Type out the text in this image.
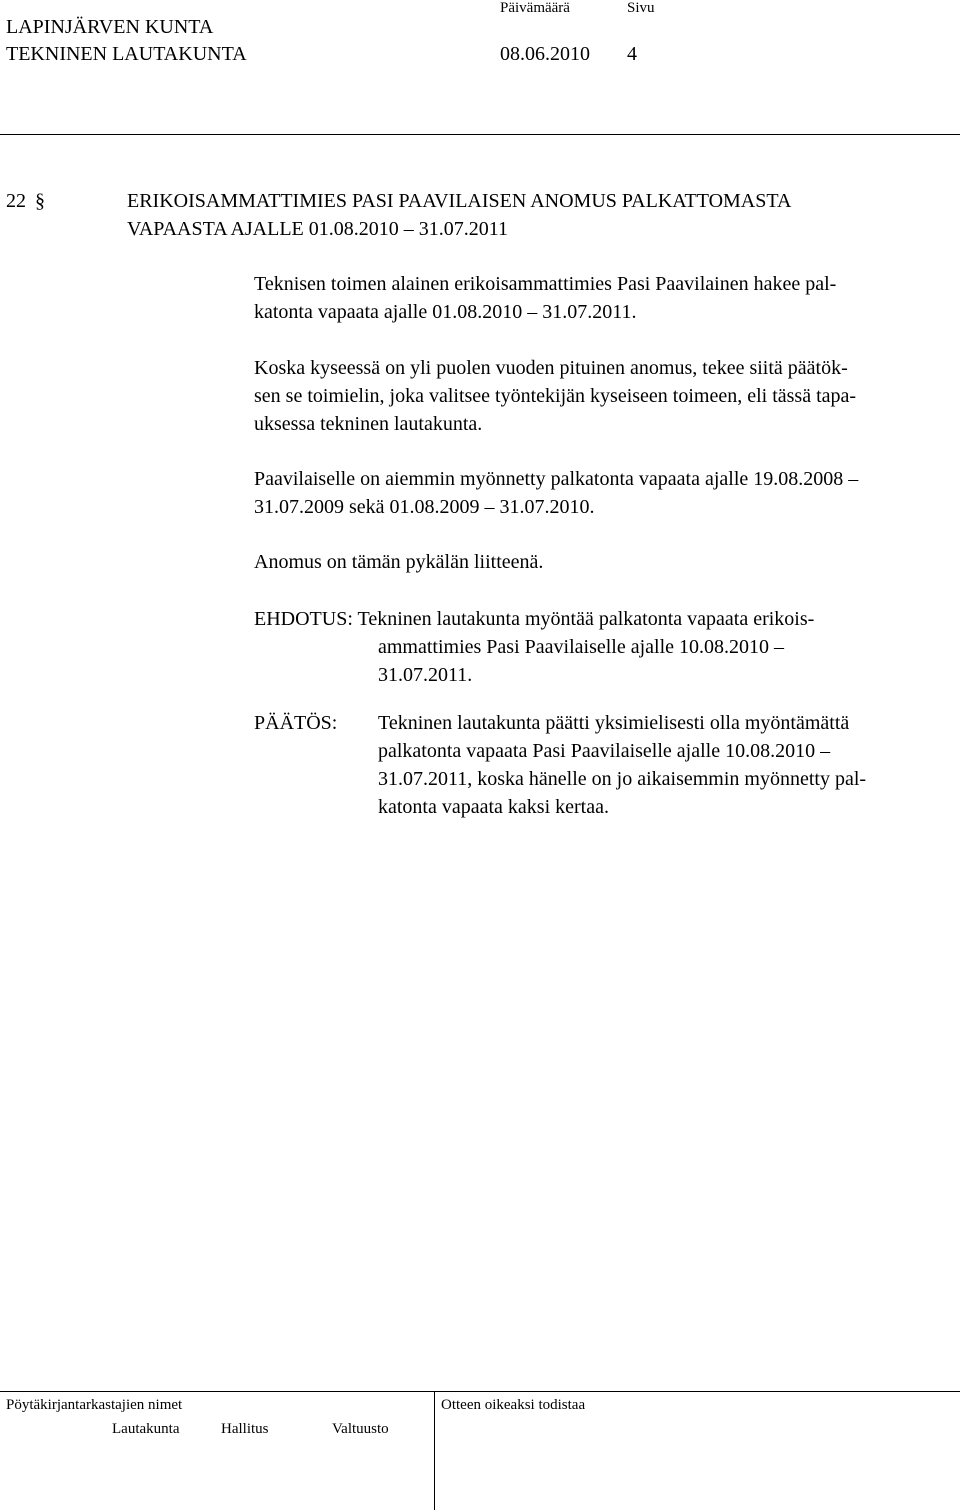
LAPINJÄRVEN KUNTA
TEKNINEN LAUTAKUNTA
Päivämäärä	Sivu
08.06.2010 4
22 §	ERIKOISAMMATTIMIES PASI PAAVILAISEN ANOMUS PALKATTOMASTA
VAPAASTA AJALLE 01.08.2010 – 31.07.2011
Teknisen toimen alainen erikoisammattimies Pasi Paavilainen hakee pal-
katonta vapaata ajalle 01.08.2010 – 31.07.2011.
Koska kyseessä on yli puolen vuoden pituinen anomus, tekee siitä päätök-
sen se toimielin, joka valitsee työntekijän kyseiseen toimeen, eli tässä tapa-
uksessa tekninen lautakunta.
Paavilaiselle on aiemmin myönnetty palkatonta vapaata ajalle 19.08.2008 –
31.07.2009 sekä 01.08.2009 – 31.07.2010.
Anomus on tämän pykälän liitteenä.
EHDOTUS: Tekninen lautakunta myöntää palkatonta vapaata erikois-
ammattimies Pasi Paavilaiselle ajalle 10.08.2010 –
31.07.2011.
PÄÄTÖS: Tekninen lautakunta päätti yksimielisesti olla myöntämättä
palkatonta vapaata Pasi Paavilaiselle ajalle 10.08.2010 –
31.07.2011, koska hänelle on jo aikaisemmin myönnetty pal-
katonta vapaata kaksi kertaa.
Pöytäkirjantarkastajien nimet	Otteen oikeaksi todistaa
Lautakunta	Hallitus	Valtuusto
